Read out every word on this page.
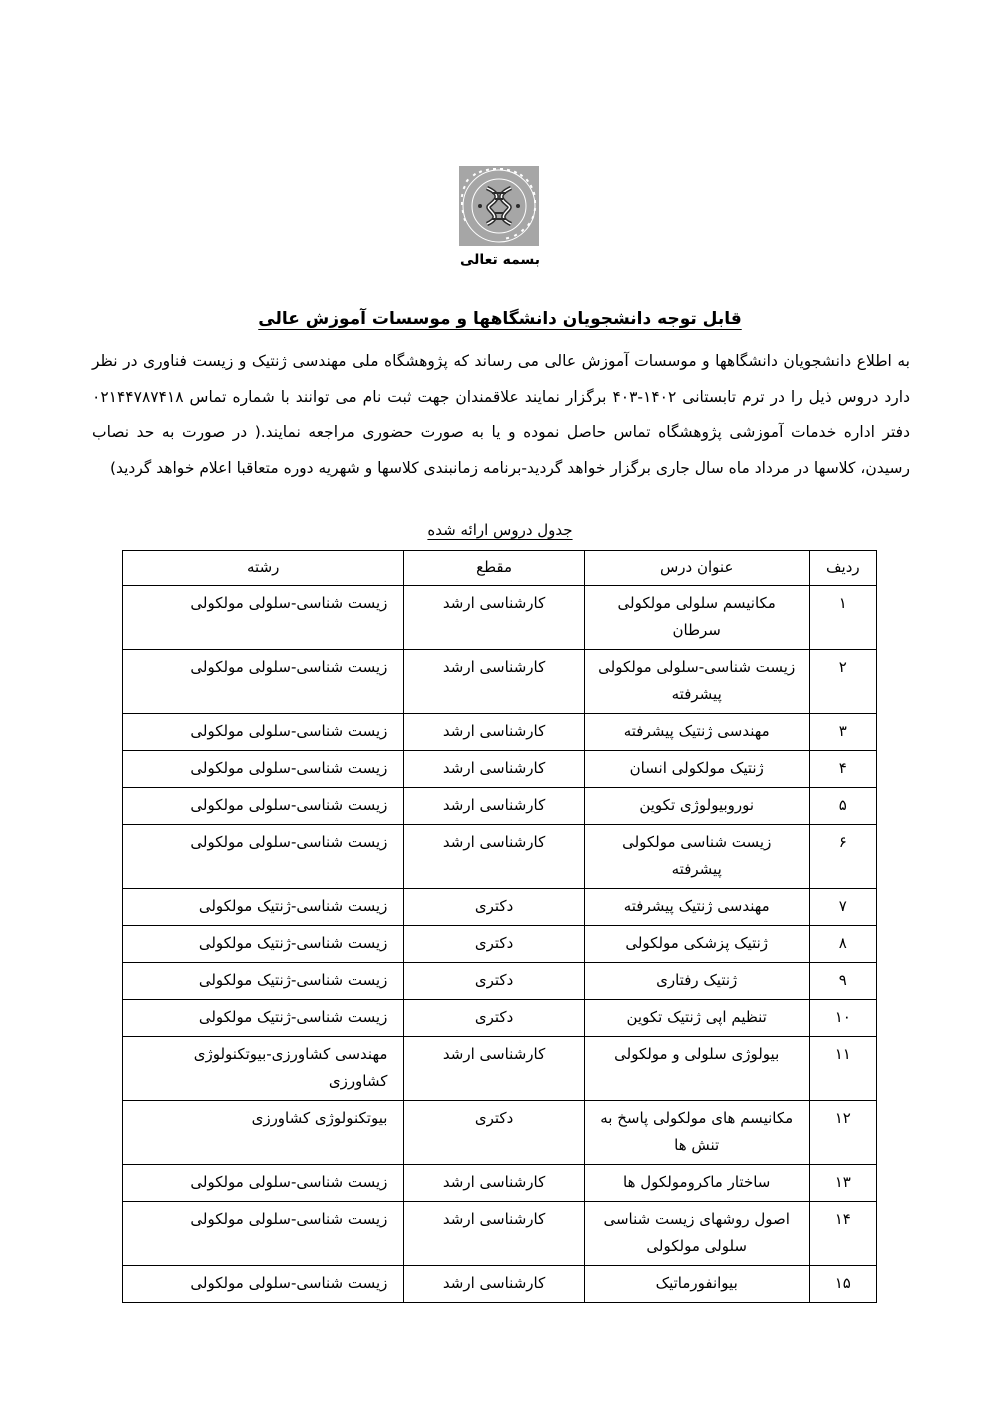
بسمه تعالی
قابل توجه دانشجویان دانشگاهها و موسسات آموزش عالی
به اطلاع دانشجویان دانشگاهها و موسسات آموزش عالی می رساند که پژوهشگاه ملی مهندسی ژنتیک و زیست فناوری در نظر دارد دروس ذیل را در ترم تابستانی ۱۴۰۲-۴۰۳ برگزار نمایند علاقمندان جهت ثبت نام می توانند با شماره تماس ۰۲۱۴۴۷۸۷۴۱۸ دفتر اداره خدمات آموزشی پژوهشگاه تماس حاصل نموده و یا به صورت حضوری مراجعه نمایند.( در صورت به حد نصاب رسیدن، کلاسها در مرداد ماه سال جاری برگزار خواهد گردید-برنامه زمانبندی کلاسها و شهریه دوره متعاقبا اعلام خواهد گردید)
جدول دروس ارائه شده
ردیف	عنوان درس	مقطع	رشته
۱	مکانیسم سلولی مولکولی سرطان	کارشناسی ارشد	زیست شناسی-سلولی مولکولی
۲	زیست شناسی-سلولی مولکولی پیشرفته	کارشناسی ارشد	زیست شناسی-سلولی مولکولی
۳	مهندسی ژنتیک پیشرفته	کارشناسی ارشد	زیست شناسی-سلولی مولکولی
۴	ژنتیک مولکولی انسان	کارشناسی ارشد	زیست شناسی-سلولی مولکولی
۵	نوروبیولوژی تکوین	کارشناسی ارشد	زیست شناسی-سلولی مولکولی
۶	زیست شناسی مولکولی پیشرفته	کارشناسی ارشد	زیست شناسی-سلولی مولکولی
۷	مهندسی ژنتیک پیشرفته	دکتری	زیست شناسی-ژنتیک مولکولی
۸	ژنتیک پزشکی مولکولی	دکتری	زیست شناسی-ژنتیک مولکولی
۹	ژنتیک رفتاری	دکتری	زیست شناسی-ژنتیک مولکولی
۱۰	تنظیم اپی ژنتیک تکوین	دکتری	زیست شناسی-ژنتیک مولکولی
۱۱	بیولوژی سلولی و مولکولی	کارشناسی ارشد	مهندسی کشاورزی-بیوتکنولوژی کشاورزی
۱۲	مکانیسم های مولکولی پاسخ به تنش ها	دکتری	بیوتکنولوژی کشاورزی
۱۳	ساختار ماکرومولکول ها	کارشناسی ارشد	زیست شناسی-سلولی مولکولی
۱۴	اصول روشهای زیست شناسی سلولی مولکولی	کارشناسی ارشد	زیست شناسی-سلولی مولکولی
۱۵	بیوانفورماتیک	کارشناسی ارشد	زیست شناسی-سلولی مولکولی
